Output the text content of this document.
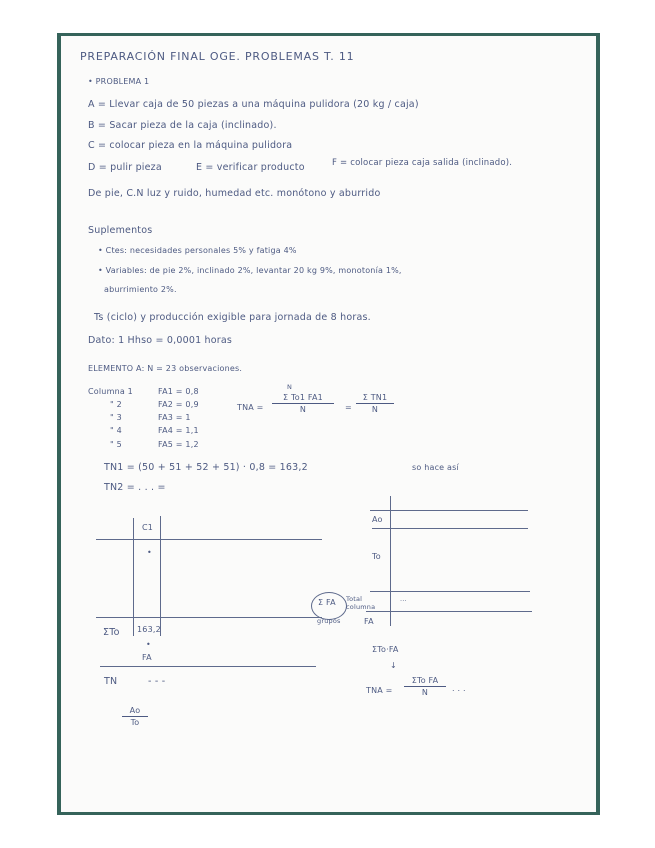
PREPARACIÓN FINAL OGE. PROBLEMAS T. 11
• PROBLEMA 1
A = Llevar caja de 50 piezas a una máquina pulidora (20 kg / caja)
B = Sacar pieza de la caja (inclinado).
C = colocar pieza en la máquina pulidora
D = pulir pieza	E = verificar producto	F = colocar pieza caja salida (inclinado).
De pie, C.N luz y ruido, humedad etc. monótono y aburrido
Suplementos
• Ctes: necesidades personales 5% y fatiga 4%
• Variables: de pie 2%, inclinado 2%, levantar 20 kg 9%, monotonía 1%,
aburrimiento 2%.
Ts (ciclo) y producción exigible para jornada de 8 horas.
Dato: 1 Hhso = 0,0001 horas
ELEMENTO A: N = 23 observaciones.
Columna 1	FA1 = 0,8
" 2	FA2 = 0,9
" 3	FA3 = 1
" 4	FA4 = 1,1
" 5	FA5 = 1,2
TNA =
N
Σ To1 FA1
N	=
Σ TN1
N
TN1 = (50 + 51 + 52 + 51) · 0,8 = 163,2	so hace así
TN2 = . . . =
C1
•
ΣTo 163,2
•
FA
TN	- - -
Ao
To
Ao
To
...
Total columna
Σ FA
grupos	FA
ΣTo·FA
↓
TNA =
ΣTo FA
N	. . .
